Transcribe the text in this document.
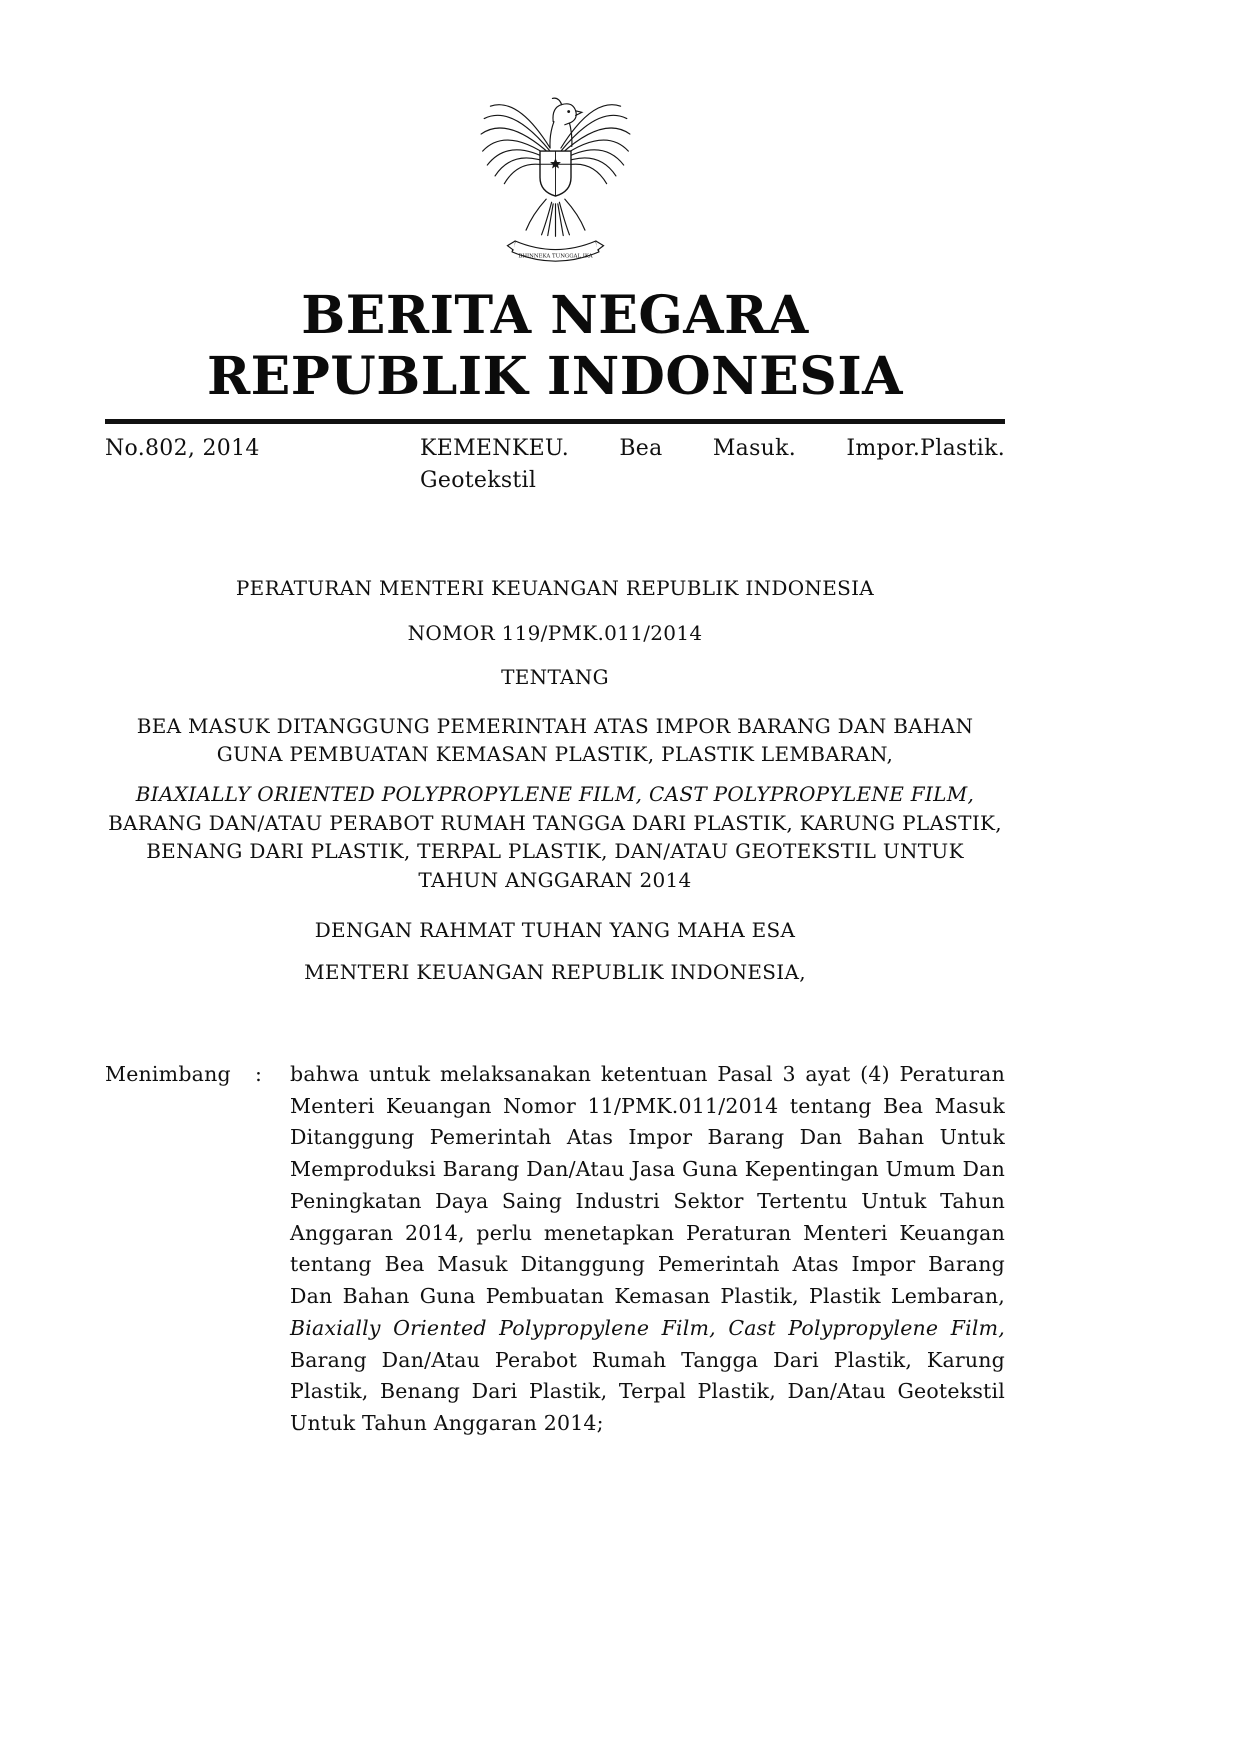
BHINNEKA TUNGGAL IKA
BERITA NEGARA
REPUBLIK INDONESIA
No.802, 2014	KEMENKEU. Bea Masuk. Impor.Plastik.
Geotekstil
PERATURAN MENTERI KEUANGAN REPUBLIK INDONESIA
NOMOR 119/PMK.011/2014
TENTANG
BEA MASUK DITANGGUNG PEMERINTAH ATAS IMPOR BARANG DAN BAHAN GUNA PEMBUATAN KEMASAN PLASTIK, PLASTIK LEMBARAN,
BIAXIALLY ORIENTED POLYPROPYLENE FILM, CAST POLYPROPYLENE FILM, BARANG DAN/ATAU PERABOT RUMAH TANGGA DARI PLASTIK, KARUNG PLASTIK, BENANG DARI PLASTIK, TERPAL PLASTIK, DAN/ATAU GEOTEKSTIL UNTUK TAHUN ANGGARAN 2014
DENGAN RAHMAT TUHAN YANG MAHA ESA
MENTERI KEUANGAN REPUBLIK INDONESIA,
Menimbang	:	bahwa untuk melaksanakan ketentuan Pasal 3 ayat (4) Peraturan Menteri Keuangan Nomor 11/PMK.011/2014 tentang Bea Masuk Ditanggung Pemerintah Atas Impor Barang Dan Bahan Untuk Memproduksi Barang Dan/Atau Jasa Guna Kepentingan Umum Dan Peningkatan Daya Saing Industri Sektor Tertentu Untuk Tahun Anggaran 2014, perlu menetapkan Peraturan Menteri Keuangan tentang Bea Masuk Ditanggung Pemerintah Atas Impor Barang Dan Bahan Guna Pembuatan Kemasan Plastik, Plastik Lembaran, Biaxially Oriented Polypropylene Film, Cast Polypropylene Film, Barang Dan/Atau Perabot Rumah Tangga Dari Plastik, Karung Plastik, Benang Dari Plastik, Terpal Plastik, Dan/Atau Geotekstil Untuk Tahun Anggaran 2014;
